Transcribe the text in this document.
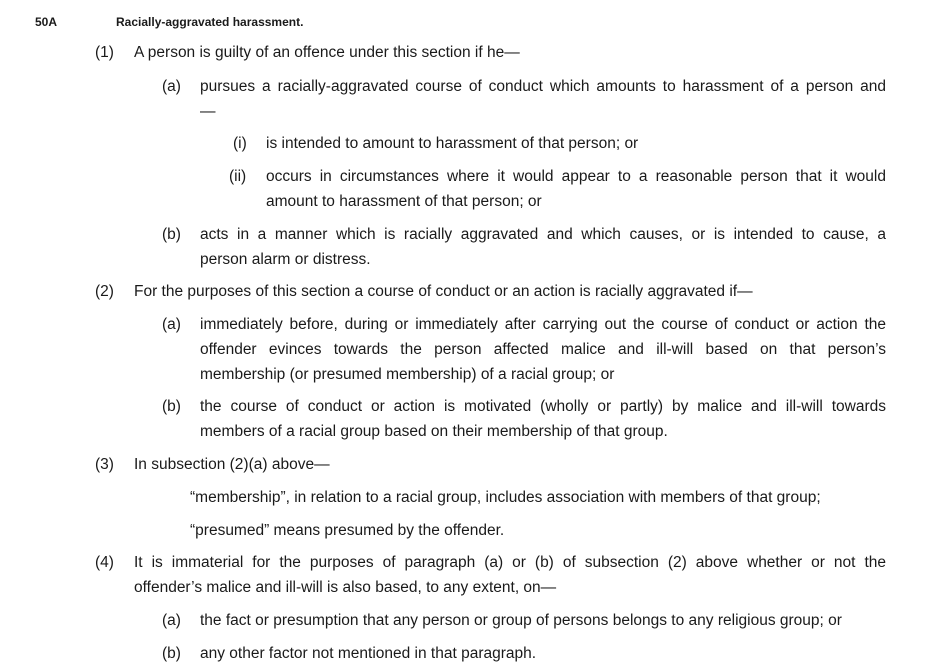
50A	Racially-aggravated harassment.
(1) A person is guilty of an offence under this section if he—
(a) pursues a racially-aggravated course of conduct which amounts to harassment of a person and
—
(i) is intended to amount to harassment of that person; or
(ii) occurs in circumstances where it would appear to a reasonable person that it would
amount to harassment of that person; or
(b) acts in a manner which is racially aggravated and which causes, or is intended to cause, a
person alarm or distress.
(2) For the purposes of this section a course of conduct or an action is racially aggravated if—
(a) immediately before, during or immediately after carrying out the course of conduct or action the
offender evinces towards the person affected malice and ill-will based on that person’s
membership (or presumed membership) of a racial group; or
(b) the course of conduct or action is motivated (wholly or partly) by malice and ill-will towards
members of a racial group based on their membership of that group.
(3) In subsection (2)(a) above—
“membership”, in relation to a racial group, includes association with members of that group;
“presumed” means presumed by the offender.
(4) It is immaterial for the purposes of paragraph (a) or (b) of subsection (2) above whether or not the
offender’s malice and ill-will is also based, to any extent, on—
(a) the fact or presumption that any person or group of persons belongs to any religious group; or
(b) any other factor not mentioned in that paragraph.
